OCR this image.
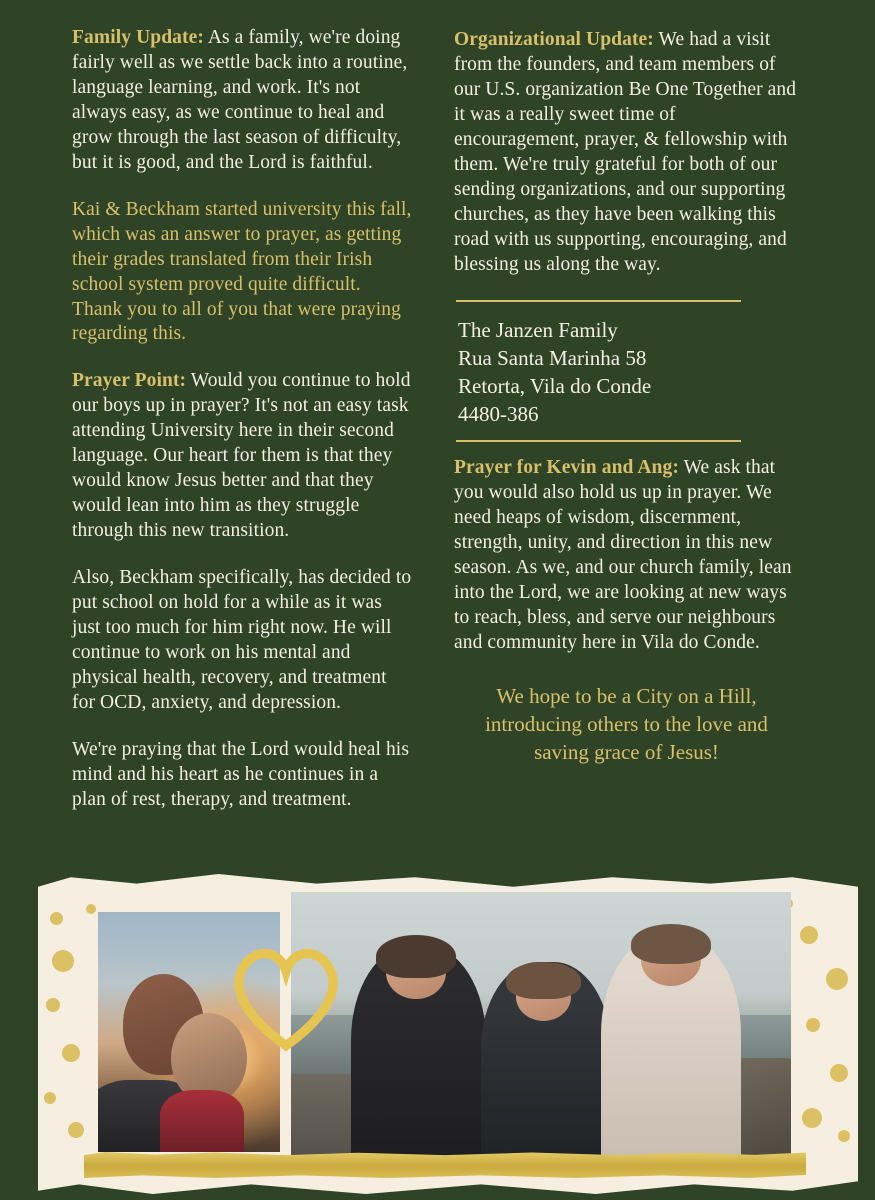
Family Update: As a family, we're doing fairly well as we settle back into a routine, language learning, and work. It's not always easy, as we continue to heal and grow through the last season of difficulty, but it is good, and the Lord is faithful.

Kai & Beckham started university this fall, which was an answer to prayer, as getting their grades translated from their Irish school system proved quite difficult. Thank you to all of you that were praying regarding this.

Prayer Point: Would you continue to hold our boys up in prayer? It's not an easy task attending University here in their second language. Our heart for them is that they would know Jesus better and that they would lean into him as they struggle through this new transition.

Also, Beckham specifically, has decided to put school on hold for a while as it was just too much for him right now. He will continue to work on his mental and physical health, recovery, and treatment for OCD, anxiety, and depression.

We're praying that the Lord would heal his mind and his heart as he continues in a plan of rest, therapy, and treatment.

Organizational Update: We had a visit from the founders, and team members of our U.S. organization Be One Together and it was a really sweet time of encouragement, prayer, & fellowship with them. We're truly grateful for both of our sending organizations, and our supporting churches, as they have been walking this road with us supporting, encouraging, and blessing us along the way.

The Janzen Family
Rua Santa Marinha 58
Retorta, Vila do Conde
4480-386

Prayer for Kevin and Ang: We ask that you would also hold us up in prayer. We need heaps of wisdom, discernment, strength, unity, and direction in this new season. As we, and our church family, lean into the Lord, we are looking at new ways to reach, bless, and serve our neighbours and community here in Vila do Conde.

We hope to be a City on a Hill, introducing others to the love and saving grace of Jesus!
